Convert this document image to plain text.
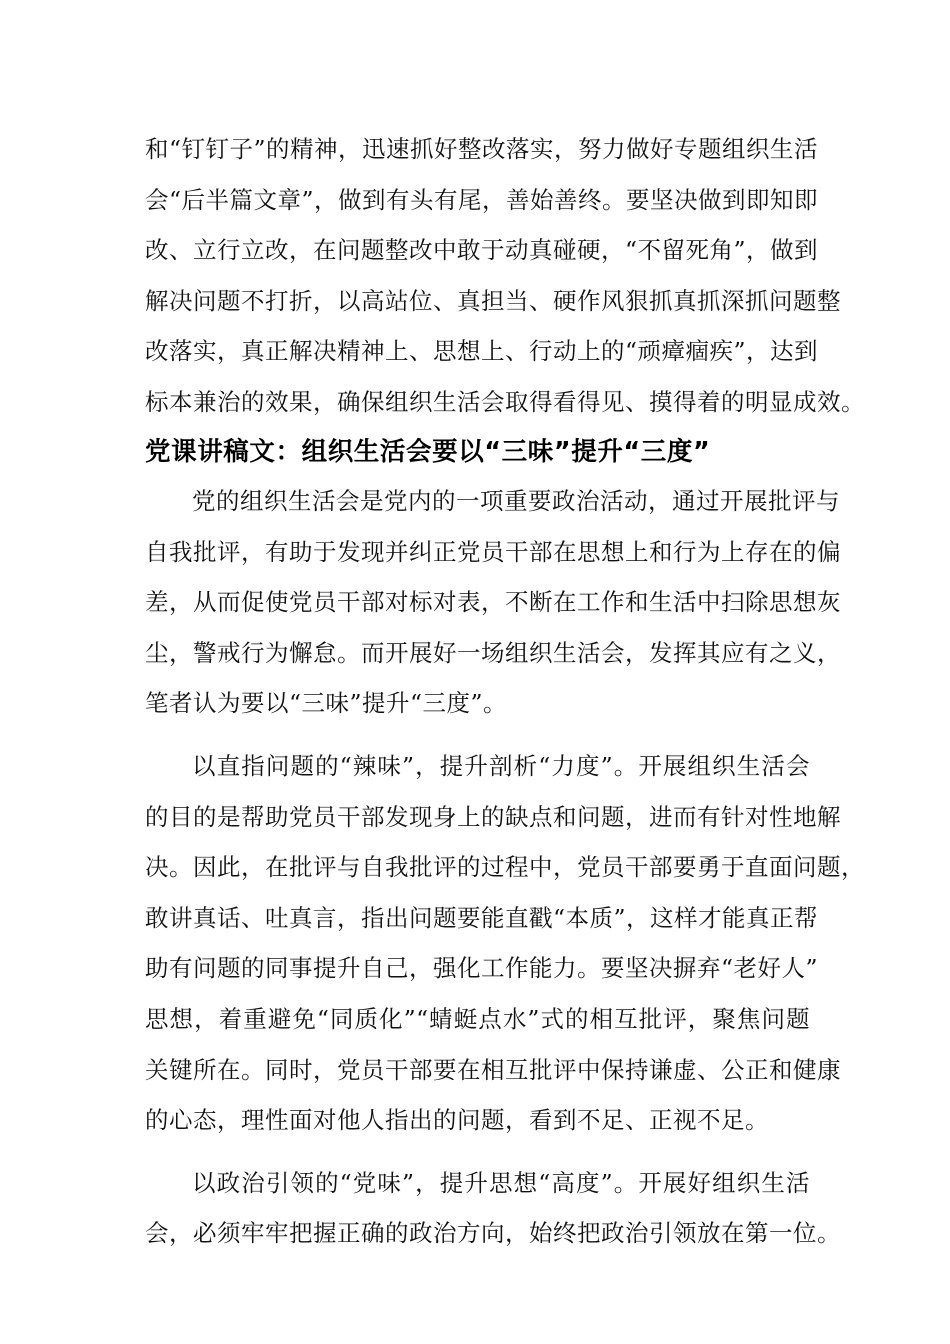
和“钉钉子”的精神，迅速抓好整改落实，努力做好专题组织生活
会“后半篇文章”，做到有头有尾，善始善终。要坚决做到即知即
改、立行立改，在问题整改中敢于动真碰硬，“不留死角”，做到
解决问题不打折，以高站位、真担当、硬作风狠抓真抓深抓问题整
改落实，真正解决精神上、思想上、行动上的“顽瘴痼疾”，达到
标本兼治的效果，确保组织生活会取得看得见、摸得着的明显成效。
党课讲稿文：组织生活会要以“三味”提升“三度”
党的组织生活会是党内的一项重要政治活动，通过开展批评与
自我批评，有助于发现并纠正党员干部在思想上和行为上存在的偏
差，从而促使党员干部对标对表，不断在工作和生活中扫除思想灰
尘，警戒行为懈怠。而开展好一场组织生活会，发挥其应有之义，
笔者认为要以“三味”提升“三度”。
以直指问题的“辣味”，提升剖析“力度”。开展组织生活会
的目的是帮助党员干部发现身上的缺点和问题，进而有针对性地解
决。因此，在批评与自我批评的过程中，党员干部要勇于直面问题，
敢讲真话、吐真言，指出问题要能直戳“本质”，这样才能真正帮
助有问题的同事提升自己，强化工作能力。要坚决摒弃“老好人”
思想，着重避免“同质化”“蜻蜓点水”式的相互批评，聚焦问题
关键所在。同时，党员干部要在相互批评中保持谦虚、公正和健康
的心态，理性面对他人指出的问题，看到不足、正视不足。
以政治引领的“党味”，提升思想“高度”。开展好组织生活
会，必须牢牢把握正确的政治方向，始终把政治引领放在第一位。
